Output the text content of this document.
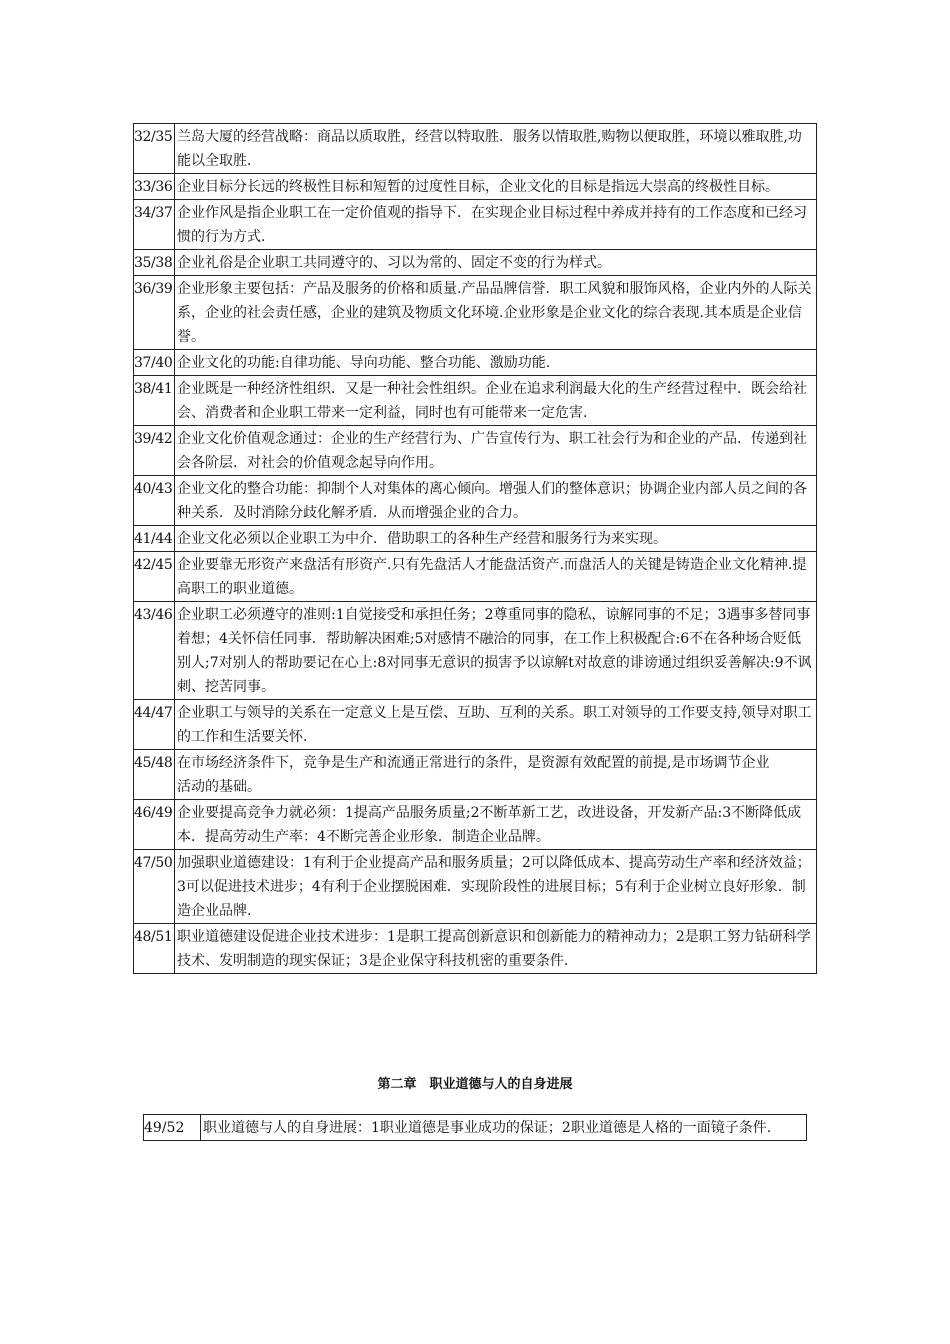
32/35	兰岛大厦的经营战略：商品以质取胜，经营以特取胜．服务以情取胜,购物以便取胜，环境以雅取胜,功能以全取胜．
33/36	企业目标分长远的终极性目标和短暂的过度性目标，企业文化的目标是指远大崇高的终极性目标。
34/37	企业作风是指企业职工在一定价值观的指导下．在实现企业目标过程中养成并持有的工作态度和已经习惯的行为方式.
35/38	企业礼俗是企业职工共同遵守的、习以为常的、固定不变的行为样式。
36/39	企业形象主要包括：产品及服务的价格和质量.产品品牌信誉．职工风貌和服饰风格，企业内外的人际关系，企业的社会责任感，企业的建筑及物质文化环境.企业形象是企业文化的综合表现.其本质是企业信誉。
37/40	企业文化的功能:自律功能、导向功能、整合功能、激励功能.
38/41	企业既是一种经济性组织．又是一种社会性组织。企业在追求利润最大化的生产经营过程中．既会给社会、消费者和企业职工带来一定利益，同时也有可能带来一定危害.
39/42	企业文化价值观念通过：企业的生产经营行为、广告宣传行为、职工社会行为和企业的产品．传递到社会各阶层．对社会的价值观念起导向作用。
40/43	企业文化的整合功能：抑制个人对集体的离心倾向。增强人们的整体意识；协调企业内部人员之间的各种关系．及时消除分歧化解矛盾．从而增强企业的合力。
41/44	企业文化必须以企业职工为中介．借助职工的各种生产经营和服务行为来实现。
42/45	企业要靠无形资产来盘活有形资产.只有先盘活人才能盘活资产.而盘活人的关键是铸造企业文化精神.提高职工的职业道德。
43/46	企业职工必须遵守的准则:1自觉接受和承担任务；2尊重同事的隐私，谅解同事的不足；3遇事多替同事着想；4关怀信任同事．帮助解决困难;5对感情不融洽的同事，在工作上积极配合:6不在各种场合贬低别人;7对别人的帮助要记在心上:8对同事无意识的损害予以谅解t对故意的诽谤通过组织妥善解决:9不讽刺、挖苦同事。
44/47	企业职工与领导的关系在一定意义上是互偿、互助、互利的关系。职工对领导的工作要支持,领导对职工的工作和生活要关怀.
45/48	在市场经济条件下，竞争是生产和流通正常进行的条件，是资源有效配置的前提,是市场调节企业
活动的基础。
46/49	企业要提高竞争力就必须：1提高产品服务质量;2不断革新工艺，改进设备，开发新产品:3不断降低成本．提高劳动生产率：4不断完善企业形象．制造企业品牌。
47/50	加强职业道德建设：1有利于企业提高产品和服务质量；2可以降低成本、提高劳动生产率和经济效益；3可以促进技术进步；4有利于企业摆脱困难．实现阶段性的进展目标；5有利于企业树立良好形象．制造企业品牌.
48/51	职业道德建设促进企业技术进步：1是职工提高创新意识和创新能力的精神动力；2是职工努力钻研科学技术、发明制造的现实保证；3是企业保守科技机密的重要条件.
第二章　职业道德与人的自身进展
49/52	职业道德与人的自身进展：1职业道德是事业成功的保证；2职业道德是人格的一面镜子条件.
